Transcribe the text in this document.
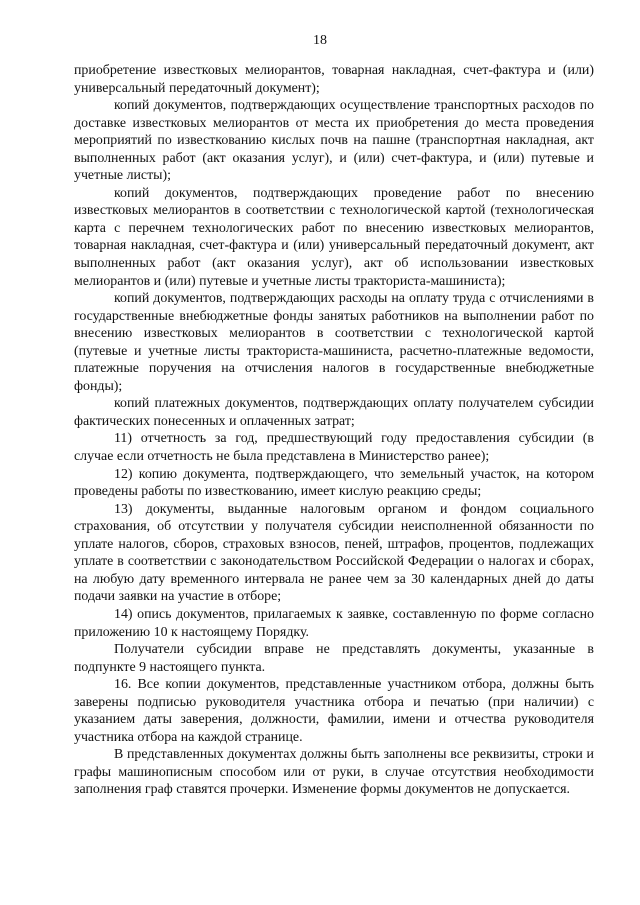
18

приобретение известковых мелиорантов, товарная накладная, счет-фактура и (или) универсальный передаточный документ);

копий документов, подтверждающих осуществление транспортных расходов по доставке известковых мелиорантов от места их приобретения до места проведения мероприятий по известкованию кислых почв на пашне (транспортная накладная, акт выполненных работ (акт оказания услуг), и (или) счет-фактура, и (или) путевые и учетные листы);

копий документов, подтверждающих проведение работ по внесению известковых мелиорантов в соответствии с технологической картой (технологическая карта с перечнем технологических работ по внесению известковых мелиорантов, товарная накладная, счет-фактура и (или) универсальный передаточный документ, акт выполненных работ (акт оказания услуг), акт об использовании известковых мелиорантов и (или) путевые и учетные листы тракториста-машиниста);

копий документов, подтверждающих расходы на оплату труда с отчислениями в государственные внебюджетные фонды занятых работников на выполнении работ по внесению известковых мелиорантов в соответствии с технологической картой (путевые и учетные листы тракториста-машиниста, расчетно-платежные ведомости, платежные поручения на отчисления налогов в государственные внебюджетные фонды);

копий платежных документов, подтверждающих оплату получателем субсидии фактических понесенных и оплаченных затрат;

11) отчетность за год, предшествующий году предоставления субсидии (в случае если отчетность не была представлена в Министерство ранее);

12) копию документа, подтверждающего, что земельный участок, на котором проведены работы по известкованию, имеет кислую реакцию среды;

13) документы, выданные налоговым органом и фондом социального страхования, об отсутствии у получателя субсидии неисполненной обязанности по уплате налогов, сборов, страховых взносов, пеней, штрафов, процентов, подлежащих уплате в соответствии с законодательством Российской Федерации о налогах и сборах, на любую дату временного интервала не ранее чем за 30 календарных дней до даты подачи заявки на участие в отборе;

14) опись документов, прилагаемых к заявке, составленную по форме согласно приложению 10 к настоящему Порядку.

Получатели субсидии вправе не представлять документы, указанные в подпункте 9 настоящего пункта.

16. Все копии документов, представленные участником отбора, должны быть заверены подписью руководителя участника отбора и печатью (при наличии) с указанием даты заверения, должности, фамилии, имени и отчества руководителя участника отбора на каждой странице.

В представленных документах должны быть заполнены все реквизиты, строки и графы машинописным способом или от руки, в случае отсутствия необходимости заполнения граф ставятся прочерки. Изменение формы документов не допускается.
